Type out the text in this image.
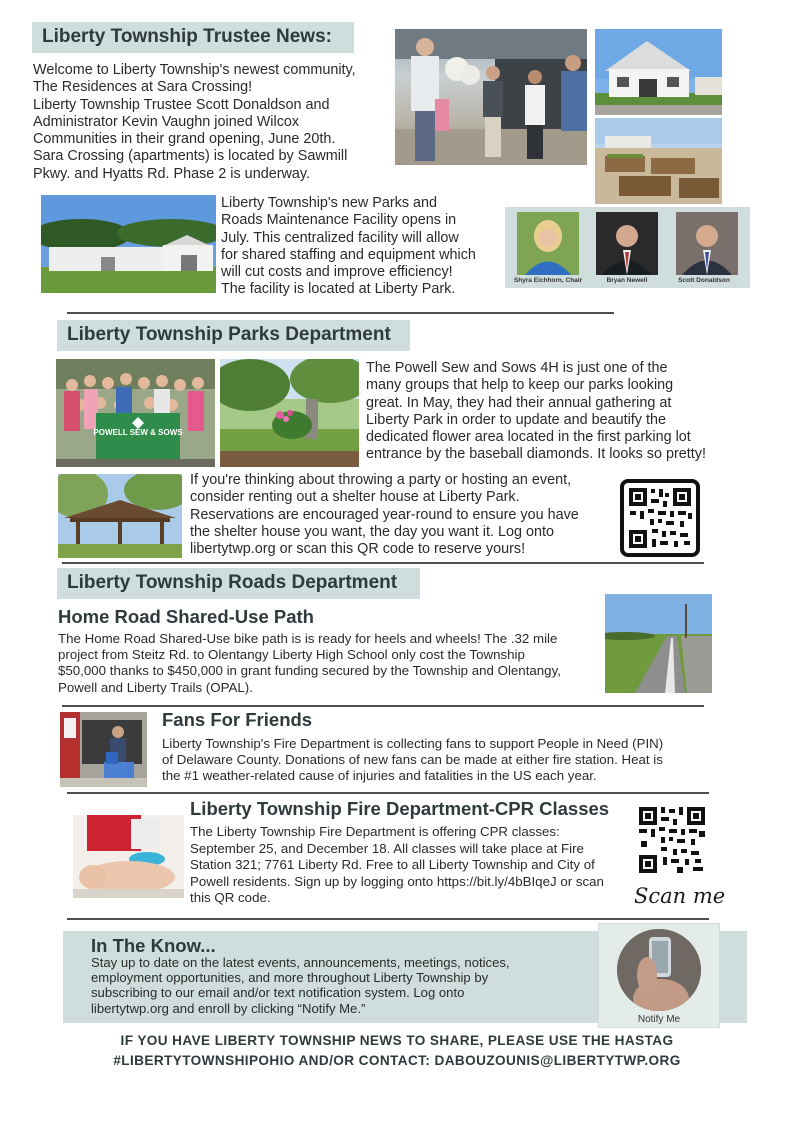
Liberty Township Trustee News:
Welcome to Liberty Township's newest community,
The Residences at Sara Crossing!
Liberty Township Trustee Scott Donaldson and
Administrator Kevin Vaughn joined Wilcox
Communities in their grand opening, June 20th.
Sara Crossing (apartments) is located by Sawmill
Pkwy. and Hyatts Rd. Phase 2 is underway.
Liberty Township's new Parks and
Roads Maintenance Facility opens in
July. This centralized facility will allow
for shared staffing and equipment which
will cut costs and improve efficiency!
The facility is located at Liberty Park.
Shyra Eichhorn, Chair	Bryan Newell	Scott Donaldson
Liberty Township Parks Department
POWELL SEW & SOWS
The Powell Sew and Sows 4H is just one of the
many groups that help to keep our parks looking
great. In May, they had their annual gathering at
Liberty Park in order to update and beautify the
dedicated flower area located in the first parking lot
entrance by the baseball diamonds. It looks so pretty!
If you're thinking about throwing a party or hosting an event,
consider renting out a shelter house at Liberty Park.
Reservations are encouraged year-round to ensure you have
the shelter house you want, the day you want it. Log onto
libertytwp.org or scan this QR code to reserve yours!
Liberty Township Roads Department
Home Road Shared-Use Path
The Home Road Shared-Use bike path is is ready for heels and wheels! The .32 mile
project from Steitz Rd. to Olentangy Liberty High School only cost the Township
$50,000 thanks to $450,000 in grant funding secured by the Township and Olentangy,
Powell and Liberty Trails (OPAL).
Fans For Friends
Liberty Township's Fire Department is collecting fans to support People in Need (PIN)
of Delaware County. Donations of new fans can be made at either fire station. Heat is
the #1 weather-related cause of injuries and fatalities in the US each year.
Liberty Township Fire Department-CPR Classes
The Liberty Township Fire Department is offering CPR classes:
September 25, and December 18. All classes will take place at Fire
Station 321; 7761 Liberty Rd. Free to all Liberty Township and City of
Powell residents. Sign up by logging onto https://bit.ly/4bBIqeJ or scan
this QR code.	Scan me
In The Know...
Stay up to date on the latest events, announcements, meetings, notices,
employment opportunities, and more throughout Liberty Township by
subscribing to our email and/or text notification system. Log onto
libertytwp.org and enroll by clicking “Notify Me.”
Notify Me
IF YOU HAVE LIBERTY TOWNSHIP NEWS TO SHARE, PLEASE USE THE HASTAG
#LIBERTYTOWNSHIPOHIO AND/OR CONTACT: DABOUZOUNIS@LIBERTYTWP.ORG
